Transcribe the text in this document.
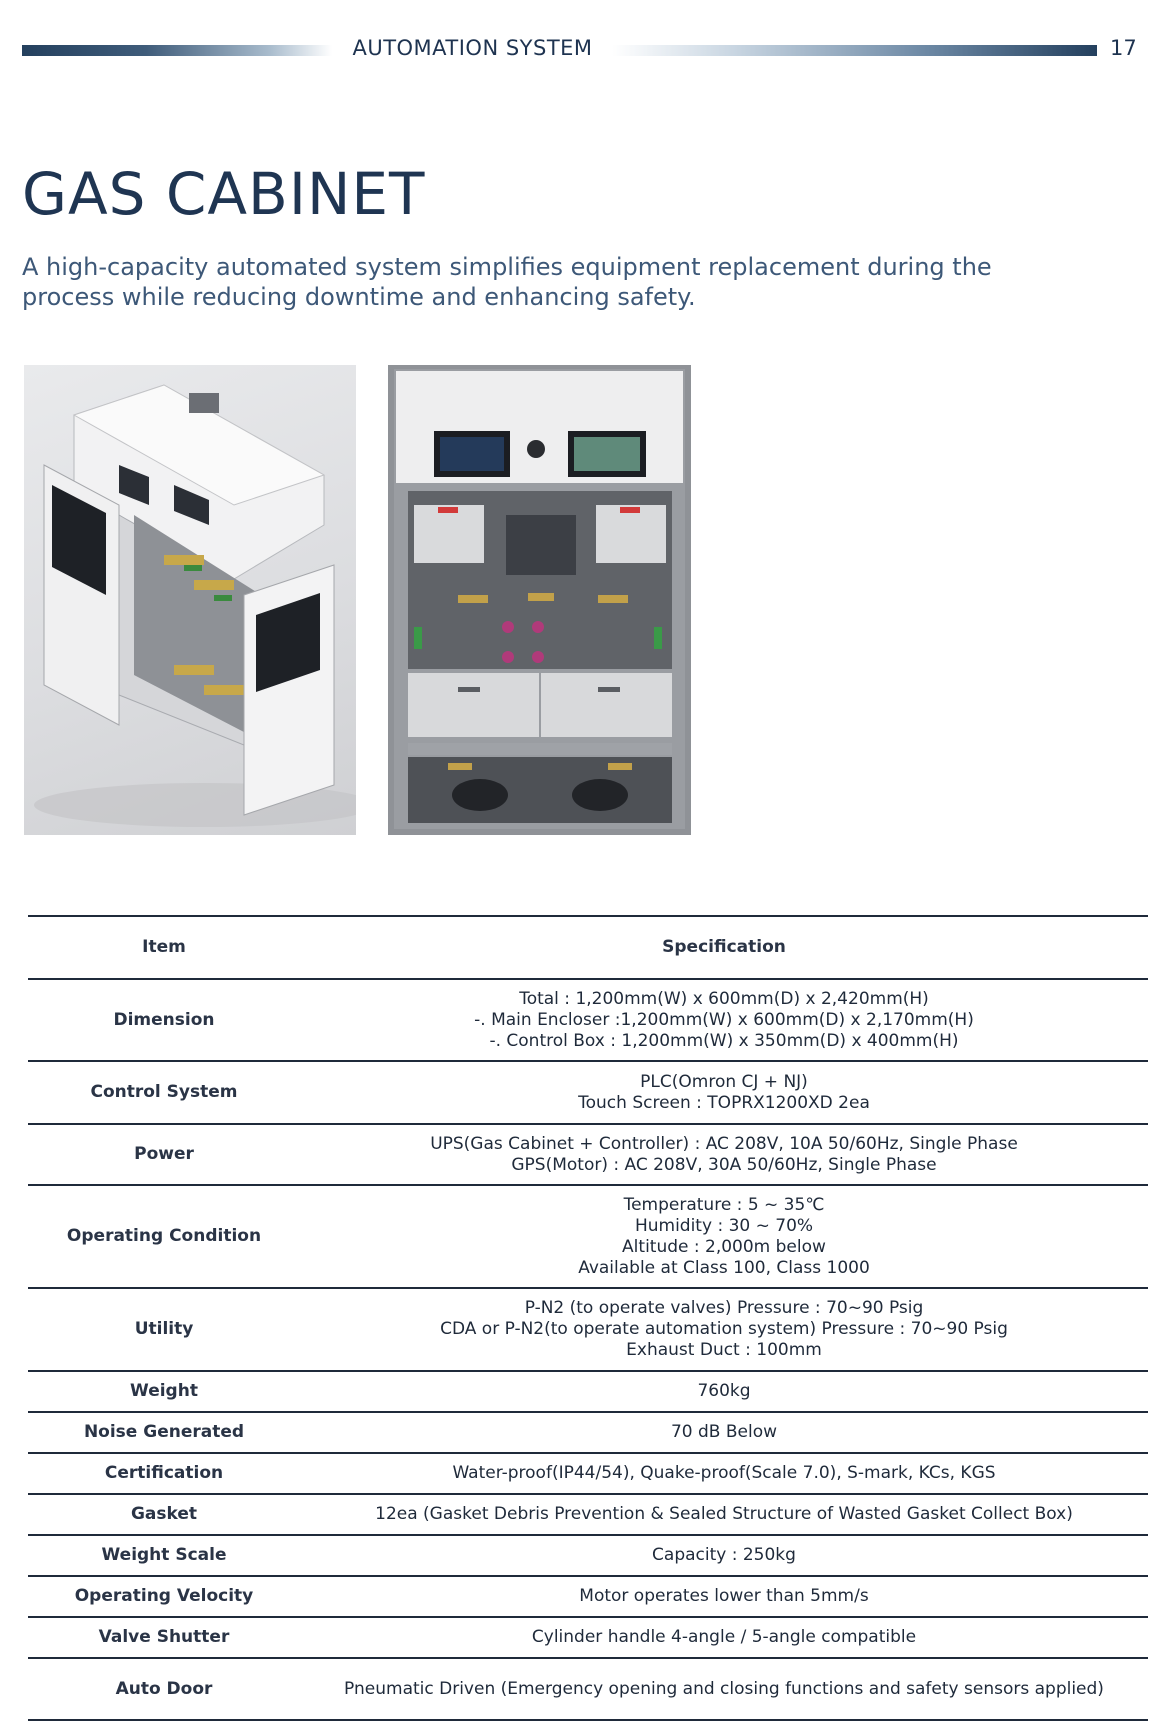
AUTOMATION SYSTEM	17
GAS CABINET

A high-capacity automated system simplifies equipment replacement during the process while reducing downtime and enhancing safety.

Item	Specification
Dimension	Total : 1,200mm(W) x 600mm(D) x 2,420mm(H)
-. Main Encloser :1,200mm(W) x 600mm(D) x 2,170mm(H)
-. Control Box : 1,200mm(W) x 350mm(D) x 400mm(H)

Control System	PLC(Omron CJ + NJ)
Touch Screen : TOPRX1200XD 2ea

Power	UPS(Gas Cabinet + Controller) : AC 208V, 10A 50/60Hz, Single Phase
GPS(Motor) : AC 208V, 30A 50/60Hz, Single Phase

Operating Condition	Temperature : 5 ~ 35℃
Humidity : 30 ~ 70%
Altitude : 2,000m below
Available at Class 100, Class 1000

Utility	P-N2 (to operate valves) Pressure : 70~90 Psig
CDA or P-N2(to operate automation system) Pressure : 70~90 Psig
Exhaust Duct : 100mm

Weight	760kg
Noise Generated	70 dB Below
Certification	Water-proof(IP44/54), Quake-proof(Scale 7.0), S-mark, KCs, KGS
Gasket	12ea (Gasket Debris Prevention & Sealed Structure of Wasted Gasket Collect Box)
Weight Scale	Capacity : 250kg
Operating Velocity	Motor operates lower than 5mm/s
Valve Shutter	Cylinder handle 4-angle / 5-angle compatible
Auto Door	Pneumatic Driven (Emergency opening and closing functions and safety sensors applied)
